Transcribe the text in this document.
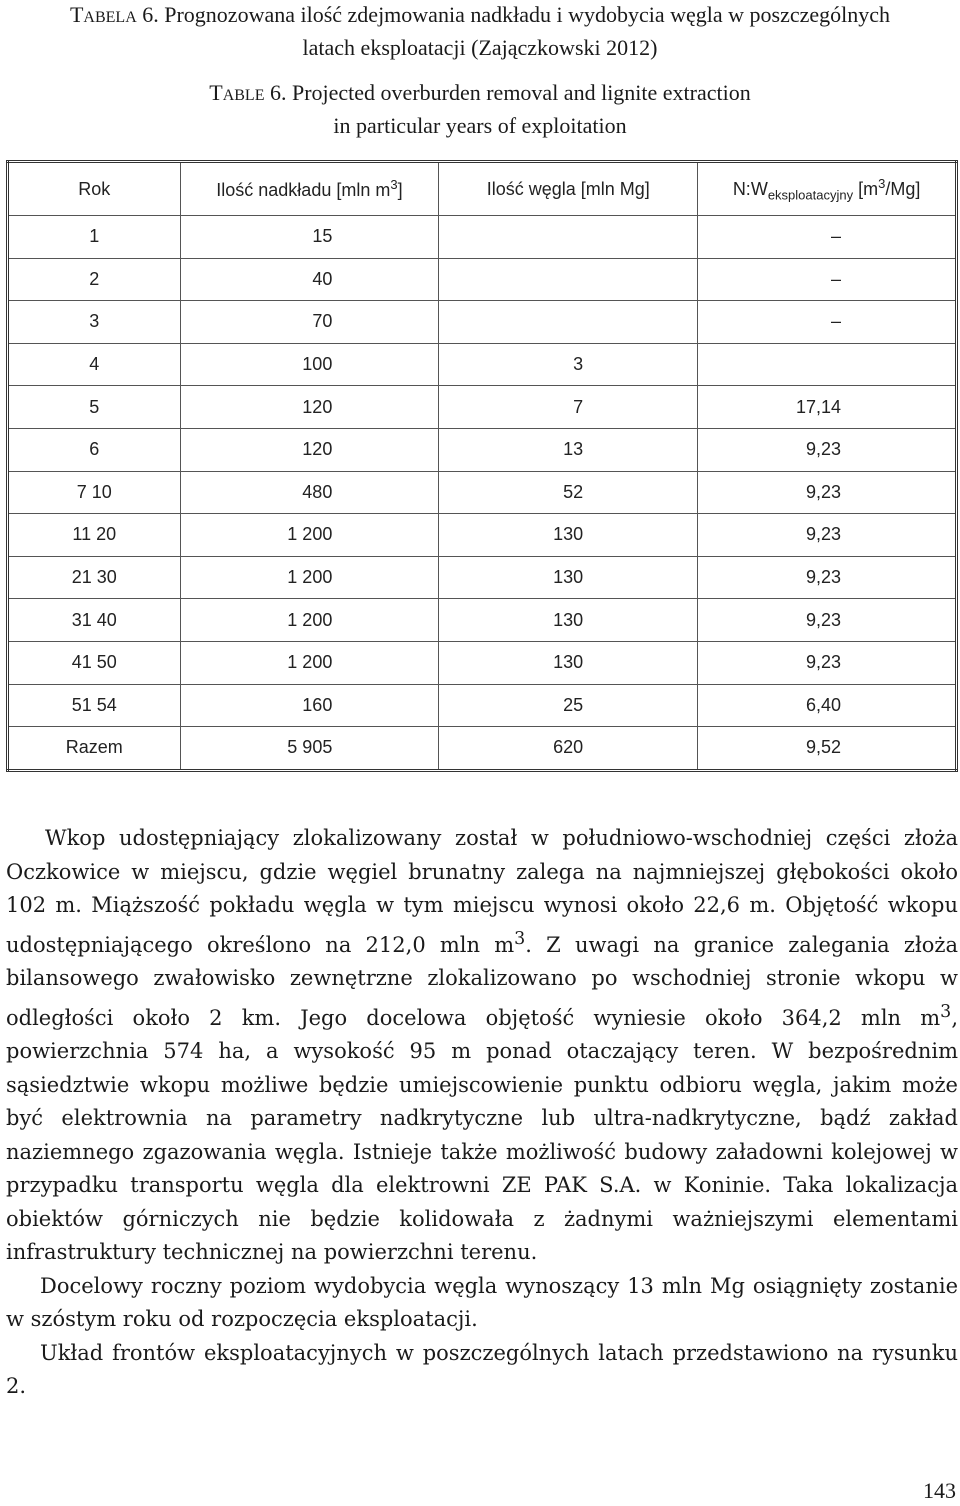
TABELA 6. Prognozowana ilość zdejmowania nadkładu i wydobycia węgla w poszczególnych
latach eksploatacji (Zajączkowski 2012)
TABLE 6. Projected overburden removal and lignite extraction
in particular years of exploitation
Rok	Ilość nadkładu [mln $m^3$]	Ilość węgla [mln Mg]	$N:W_{eksploatacyjny}$ $[m^3/Mg]$
1	15		–
2	40		–
3	70		–
4	100	3	
5	120	7	17,14
6	120	13	9,23
7 10	480	52	9,23
11 20	1 200	130	9,23
21 30	1 200	130	9,23
31 40	1 200	130	9,23
41 50	1 200	130	9,23
51 54	160	25	6,40
Razem	5 905	620	9,52

Wkop udostępniający zlokalizowany został w południowo-wschodniej części złoża Oczkowice w miejscu, gdzie węgiel brunatny zalega na najmniejszej głębokości około 102 m. Miąższość pokładu węgla w tym miejscu wynosi około 22,6 m. Objętość wkopu udostępniającego określono na 212,0 mln $m^3$. Z uwagi na granice zalegania złoża bilansowego zwałowisko zewnętrzne zlokalizowano po wschodniej stronie wkopu w odległości około 2 km. Jego docelowa objętość wyniesie około 364,2 mln $m^3$, powierzchnia 574 ha, a wysokość 95 m ponad otaczający teren. W bezpośrednim sąsiedztwie wkopu możliwe będzie umiejscowienie punktu odbioru węgla, jakim może być elektrownia na parametry nadkrytyczne lub ultra-nadkrytyczne, bądź zakład naziemnego zgazowania węgla. Istnieje także możliwość budowy załadowni kolejowej w przypadku transportu węgla dla elektrowni ZE PAK S.A. w Koninie. Taka lokalizacja obiektów górniczych nie będzie kolidowała z żadnymi ważniejszymi elementami infrastruktury technicznej na powierzchni terenu.

Docelowy roczny poziom wydobycia węgla wynoszący 13 mln Mg osiągnięty zostanie w szóstym roku od rozpoczęcia eksploatacji.

Układ frontów eksploatacyjnych w poszczególnych latach przedstawiono na rysunku 2.

143
